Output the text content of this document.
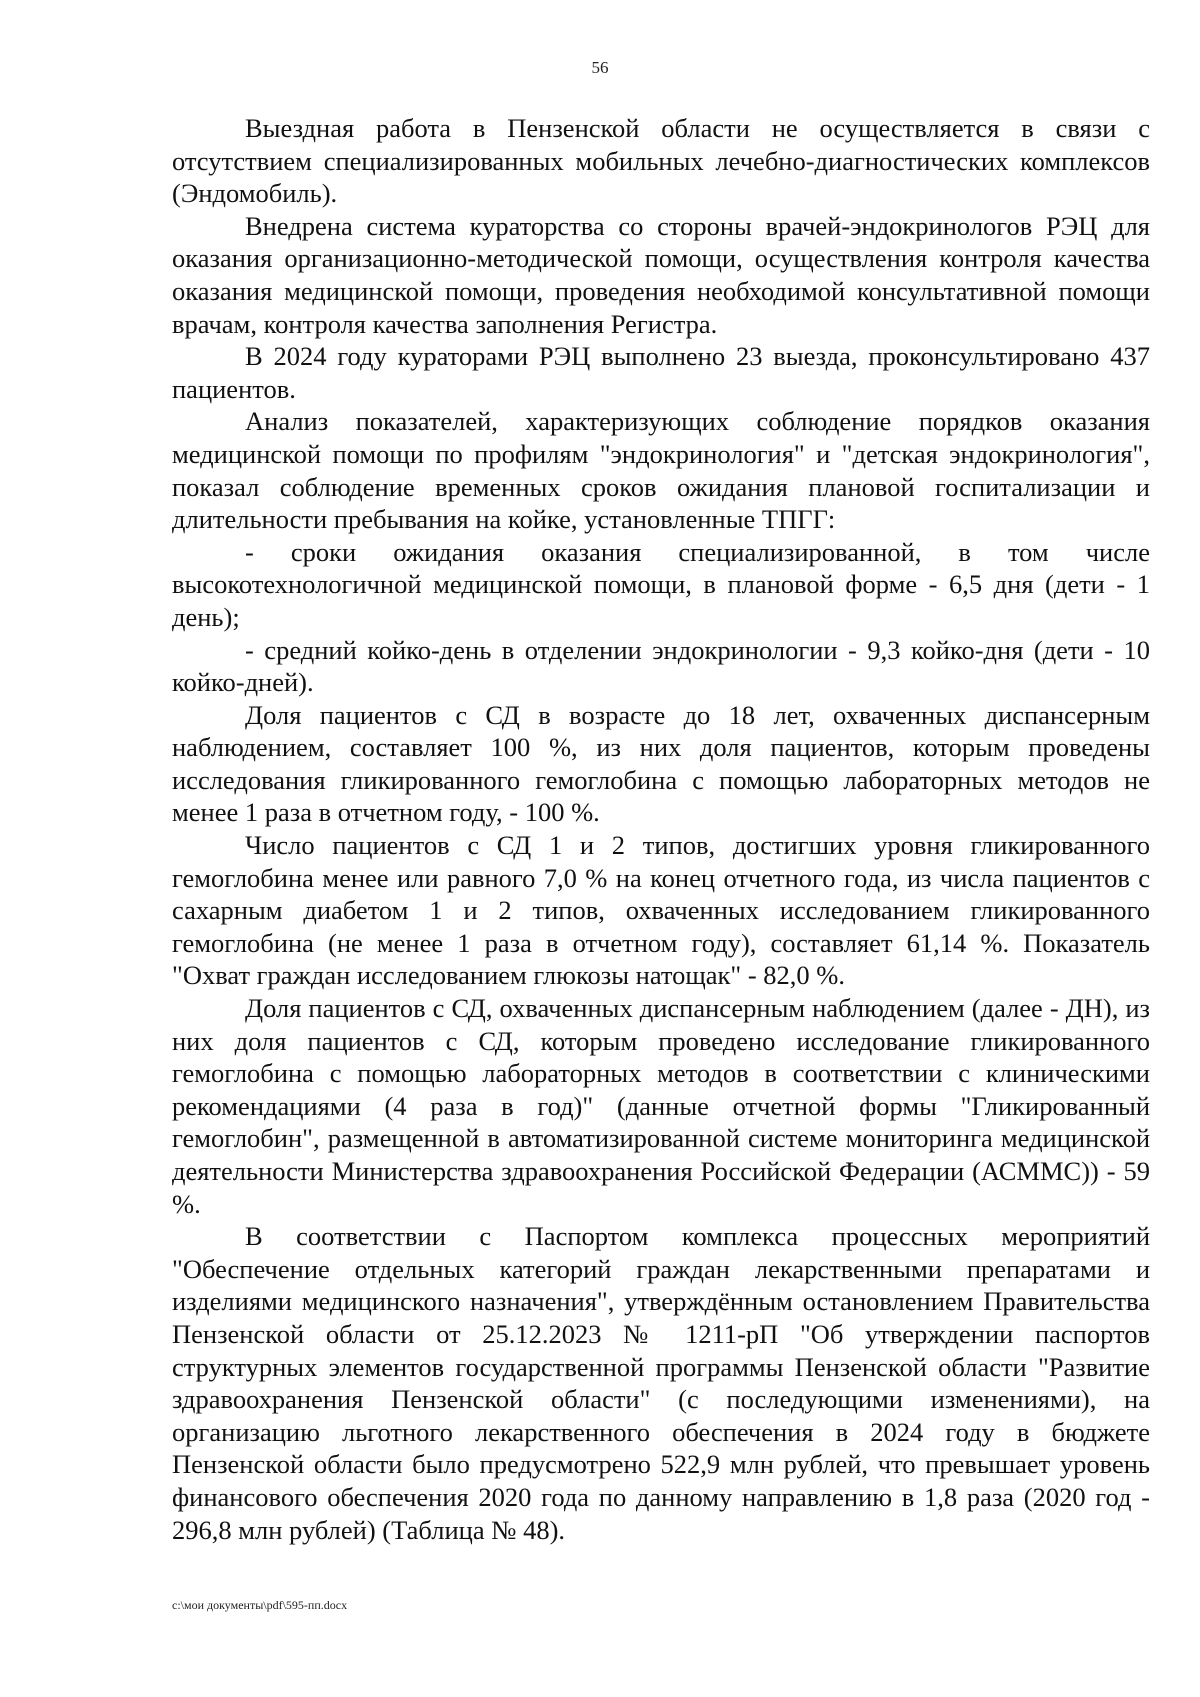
56

Выездная работа в Пензенской области не осуществляется в связи с отсутствием специализированных мобильных лечебно-диагностических комплексов (Эндомобиль).

Внедрена система кураторства со стороны врачей-эндокринологов РЭЦ для оказания организационно-методической помощи, осуществления контроля качества оказания медицинской помощи, проведения необходимой консультативной помощи врачам, контроля качества заполнения Регистра.

В 2024 году кураторами РЭЦ выполнено 23 выезда, проконсультировано 437 пациентов.

Анализ показателей, характеризующих соблюдение порядков оказания медицинской помощи по профилям "эндокринология" и "детская эндокринология", показал соблюдение временных сроков ожидания плановой госпитализации и длительности пребывания на койке, установленные ТПГГ:

- сроки ожидания оказания специализированной, в том числе высокотехнологичной медицинской помощи, в плановой форме - 6,5 дня (дети - 1 день);

- средний койко-день в отделении эндокринологии - 9,3 койко-дня (дети - 10 койко-дней).

Доля пациентов с СД в возрасте до 18 лет, охваченных диспансерным наблюдением, составляет 100 %, из них доля пациентов, которым проведены исследования гликированного гемоглобина с помощью лабораторных методов не менее 1 раза в отчетном году, - 100 %.

Число пациентов с СД 1 и 2 типов, достигших уровня гликированного гемоглобина менее или равного 7,0 % на конец отчетного года, из числа пациентов с сахарным диабетом 1 и 2 типов, охваченных исследованием гликированного гемоглобина (не менее 1 раза в отчетном году), составляет 61,14 %. Показатель "Охват граждан исследованием глюкозы натощак" - 82,0 %.

Доля пациентов с СД, охваченных диспансерным наблюдением (далее - ДН), из них доля пациентов с СД, которым проведено исследование гликированного гемоглобина с помощью лабораторных методов в соответствии с клиническими рекомендациями (4 раза в год)" (данные отчетной формы "Гликированный гемоглобин", размещенной в автоматизированной системе мониторинга медицинской деятельности Министерства здравоохранения Российской Федерации (АСММС)) - 59 %.

В соответствии с Паспортом комплекса процессных мероприятий "Обеспечение отдельных категорий граждан лекарственными препаратами и изделиями медицинского назначения", утверждённым остановлением Правительства Пензенской области от 25.12.2023 № 1211-рП "Об утверждении паспортов структурных элементов государственной программы Пензенской области "Развитие здравоохранения Пензенской области" (с последующими изменениями), на организацию льготного лекарственного обеспечения в 2024 году в бюджете Пензенской области было предусмотрено 522,9 млн рублей, что превышает уровень финансового обеспечения 2020 года по данному направлению в 1,8 раза (2020 год - 296,8 млн рублей) (Таблица № 48).

c:\мои документы\pdf\595-пп.docx
